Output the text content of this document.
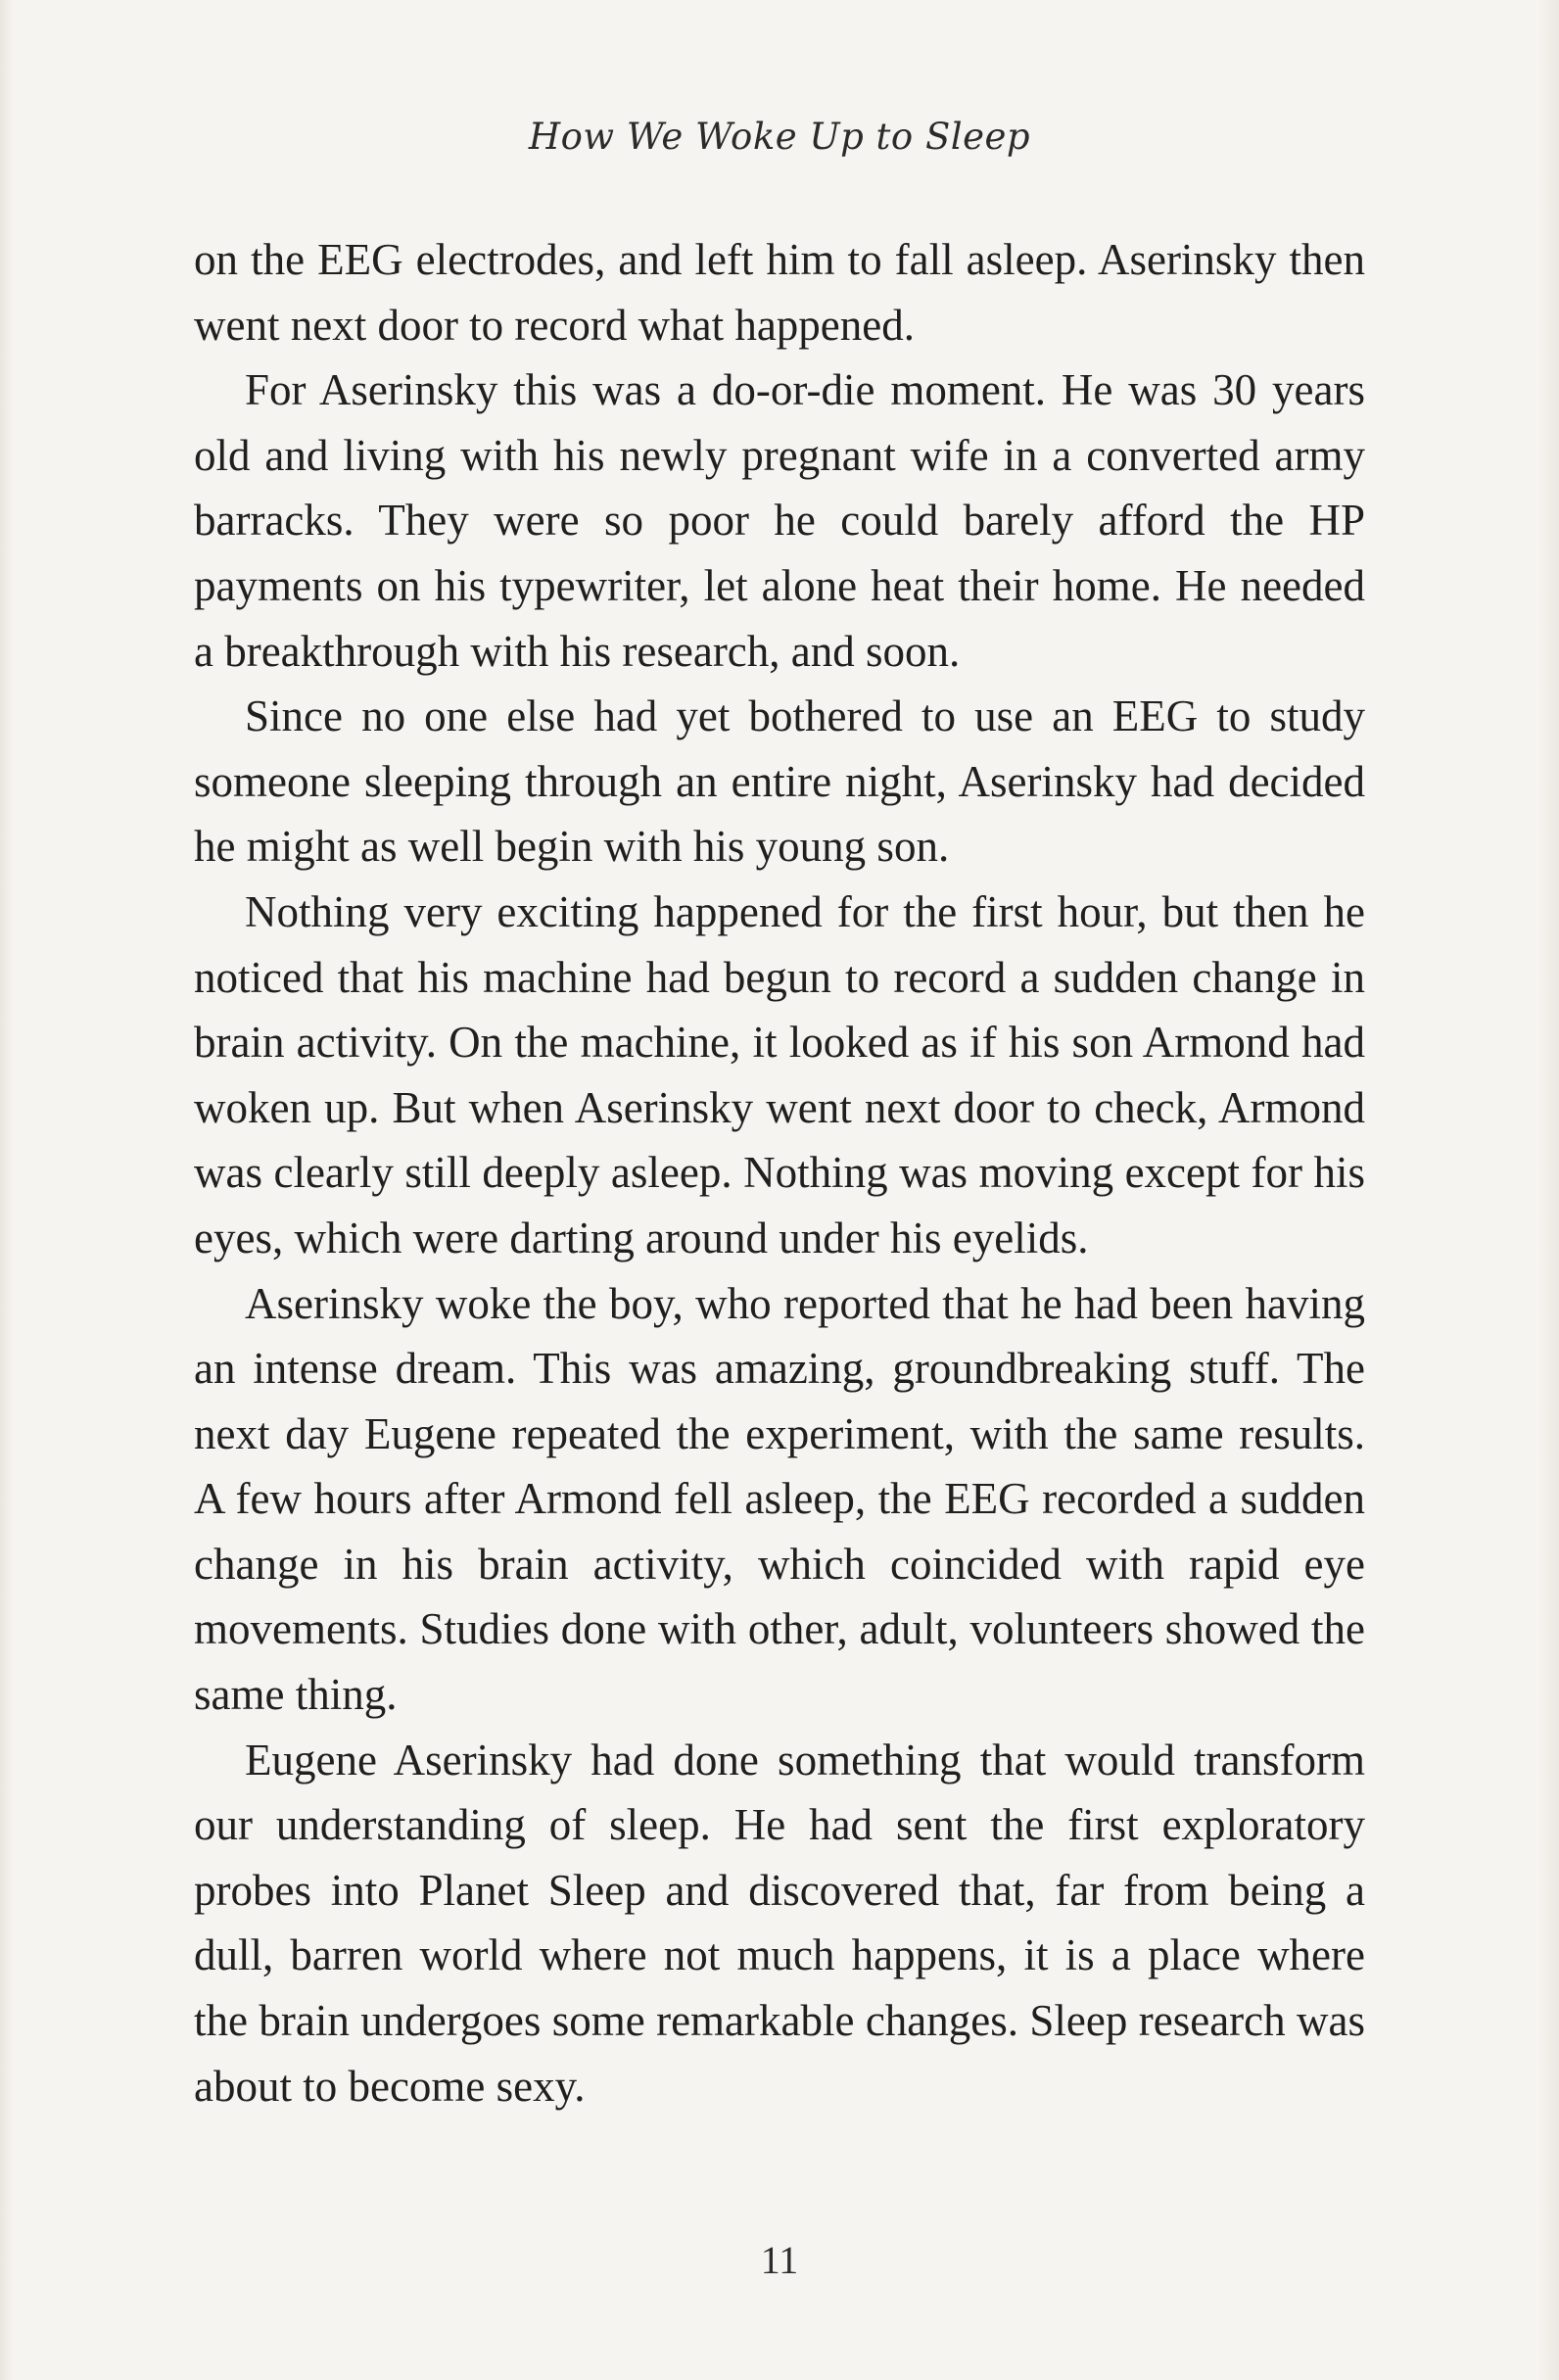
How We Woke Up to Sleep

on the EEG electrodes, and left him to fall asleep. Aserinsky then went next door to record what happened.

For Aserinsky this was a do-or-die moment. He was 30 years old and living with his newly pregnant wife in a converted army barracks. They were so poor he could barely afford the HP payments on his typewriter, let alone heat their home. He needed a breakthrough with his research, and soon.

Since no one else had yet bothered to use an EEG to study someone sleeping through an entire night, Aserinsky had decided he might as well begin with his young son.

Nothing very exciting happened for the first hour, but then he noticed that his machine had begun to record a sudden change in brain activity. On the machine, it looked as if his son Armond had woken up. But when Aserinsky went next door to check, Armond was clearly still deeply asleep. Nothing was moving except for his eyes, which were darting around under his eyelids.

Aserinsky woke the boy, who reported that he had been having an intense dream. This was amazing, groundbreaking stuff. The next day Eugene repeated the experiment, with the same results. A few hours after Armond fell asleep, the EEG recorded a sudden change in his brain activity, which coincided with rapid eye movements. Studies done with other, adult, volunteers showed the same thing.

Eugene Aserinsky had done something that would transform our understanding of sleep. He had sent the first exploratory probes into Planet Sleep and discovered that, far from being a dull, barren world where not much happens, it is a place where the brain undergoes some remarkable changes. Sleep research was about to become sexy.

11
